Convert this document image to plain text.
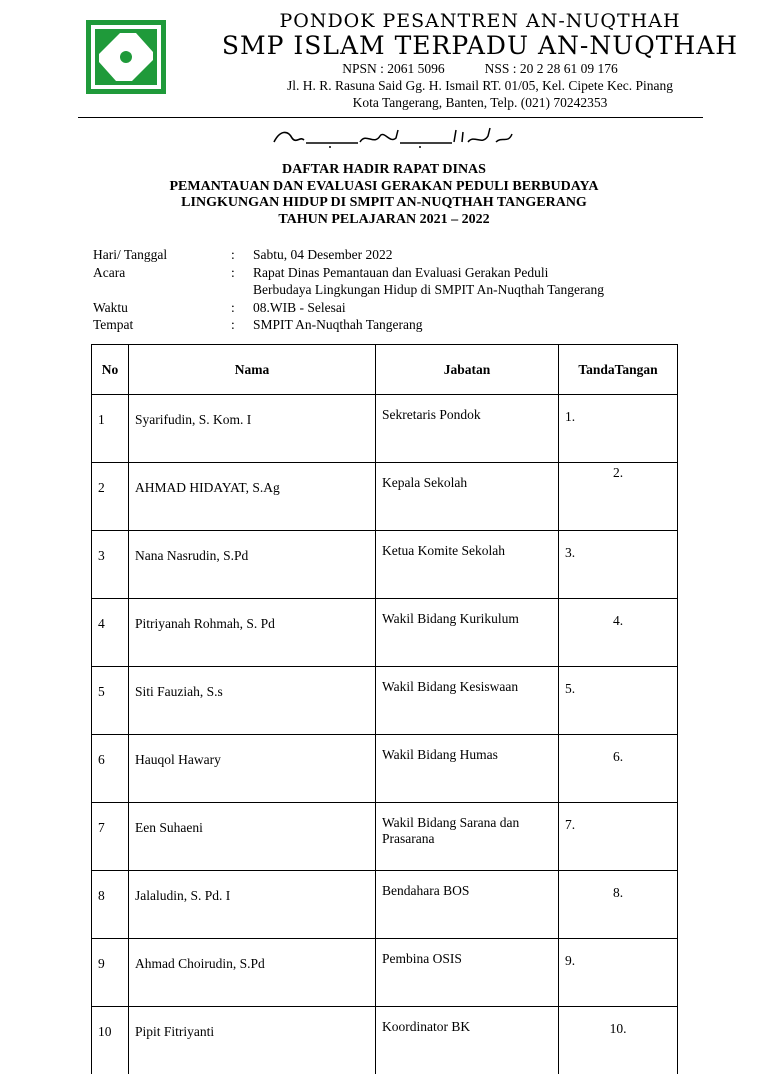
PONDOK PESANTREN AN-NUQTHAH
SMP ISLAM TERPADU AN-NUQTHAH
NPSN : 2061 5096	NSS : 20 2 28 61 09 176
Jl. H. R. Rasuna Said Gg. H. Ismail RT. 01/05, Kel. Cipete Kec. Pinang
Kota Tangerang, Banten, Telp. (021) 70242353
DAFTAR HADIR RAPAT DINAS
PEMANTAUAN DAN EVALUASI GERAKAN PEDULI BERBUDAYA
LINGKUNGAN HIDUP DI SMPIT AN-NUQTHAH TANGERANG
TAHUN PELAJARAN 2021 – 2022
Hari/ Tanggal	:	Sabtu, 04 Desember 2022
Acara	:	Rapat Dinas Pemantauan dan Evaluasi Gerakan Peduli
Berbudaya Lingkungan Hidup di SMPIT An-Nuqthah Tangerang
Waktu	:	08.WIB - Selesai
Tempat	:	SMPIT An-Nuqthah Tangerang
No	Nama	Jabatan	TandaTangan
1	Syarifudin, S. Kom. I	Sekretaris Pondok	1.
2	AHMAD HIDAYAT, S.Ag	Kepala Sekolah	2.
3	Nana Nasrudin, S.Pd	Ketua Komite Sekolah	3.
4	Pitriyanah Rohmah, S. Pd	Wakil Bidang Kurikulum	4.
5	Siti Fauziah, S.s	Wakil Bidang Kesiswaan	5.
6	Hauqol Hawary	Wakil Bidang Humas	6.
7	Een Suhaeni	Wakil Bidang Sarana dan Prasarana	7.
8	Jalaludin, S. Pd. I	Bendahara BOS	8.
9	Ahmad Choirudin, S.Pd	Pembina OSIS	9.
10	Pipit Fitriyanti	Koordinator BK	10.
